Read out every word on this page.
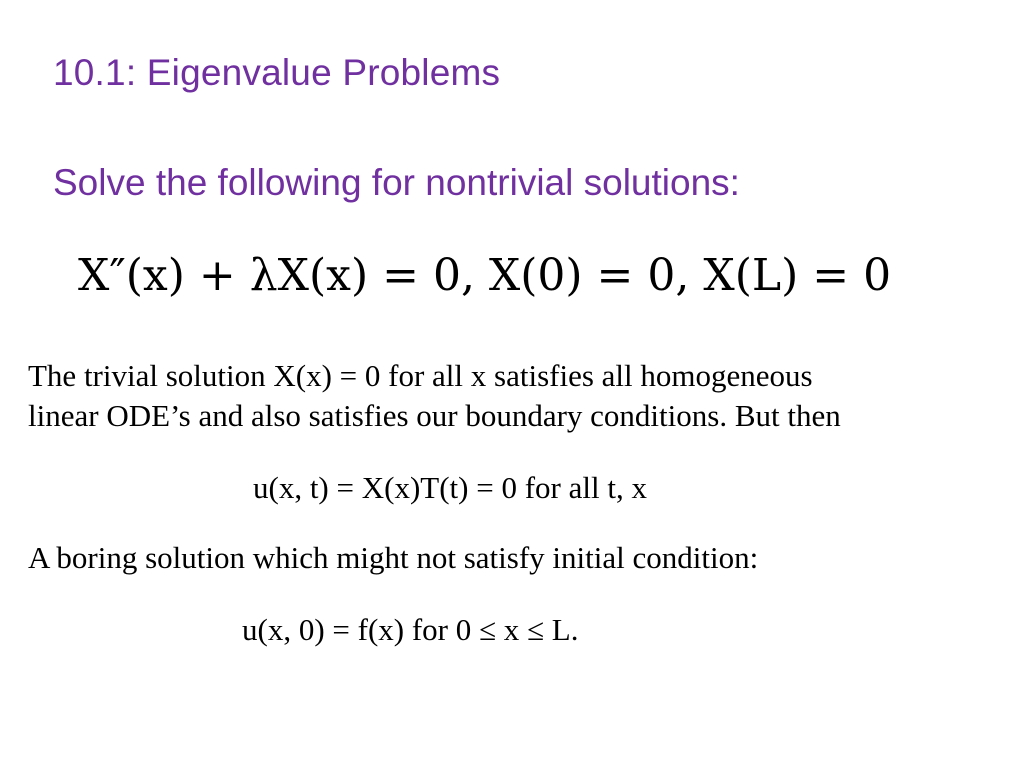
10.1: Eigenvalue Problems
Solve the following for nontrivial solutions:
X″(x) + λX(x) = 0, X(0) = 0, X(L) = 0

The trivial solution X(x) = 0 for all x satisfies all homogeneous

linear ODE’s and also satisfies our boundary conditions. But then

u(x, t) = X(x)T(t) = 0 for all t, x

A boring solution which might not satisfy initial condition:

u(x, 0) = f(x) for 0 ≤ x ≤ L.
